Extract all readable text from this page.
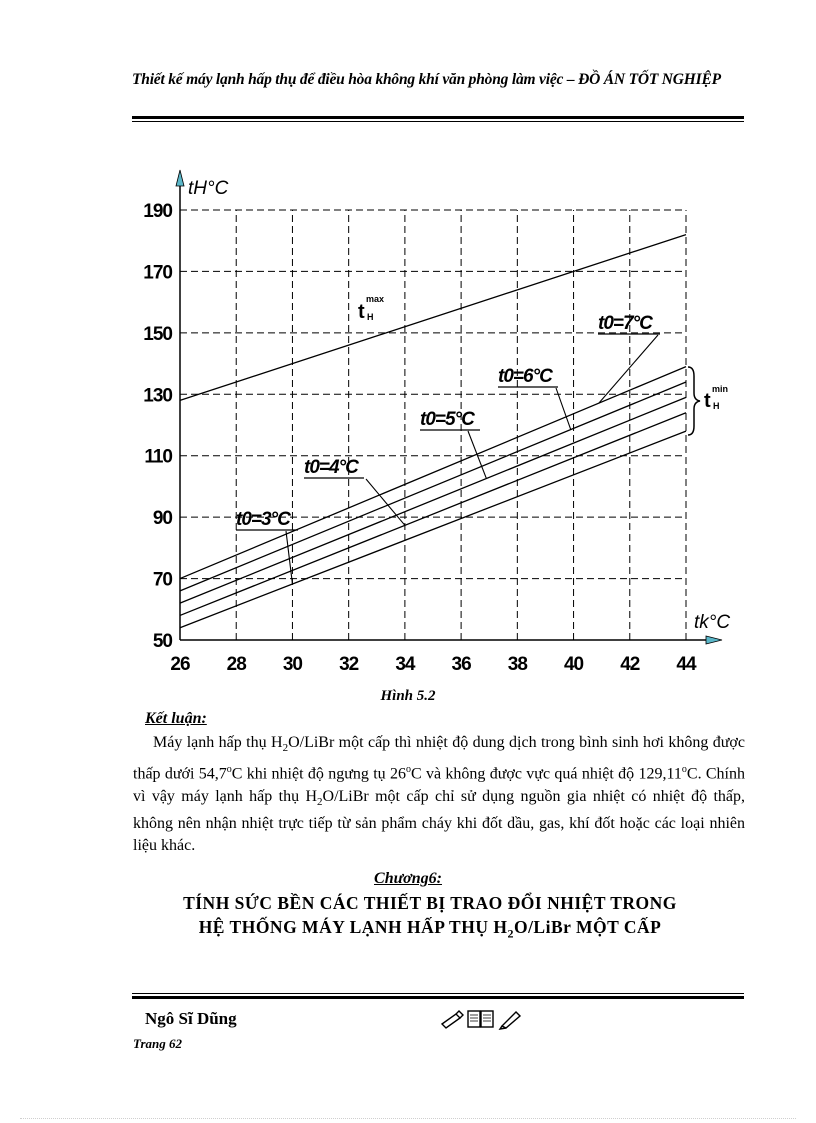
Thiết kế máy lạnh hấp thụ để điều hòa không khí văn phòng làm việc – ĐỒ ÁN TỐT NGHIỆP
50
70
90
110
130
150
170
190
26 28 30 32 34 36 38 40 42 44
tH°C
tk°C
t H
max
t0=7°C
t0=6°C
t0=5°C
t0=4°C
t0=3°C
t H
min
Hình 5.2
Kết luận:
Máy lạnh hấp thụ $H_2O$/LiBr một cấp thì nhiệt độ dung dịch trong bình sinh hơi không được thấp dưới 54,7$^o$C khi nhiệt độ ngưng tụ 26$^o$C và không được vực quá nhiệt độ 129,11$^o$C. Chính vì vậy máy lạnh hấp thụ $H_2O$/LiBr một cấp chỉ sử dụng nguồn gia nhiệt có nhiệt độ thấp, không nên nhận nhiệt trực tiếp từ sản phẩm cháy khi đốt dầu, gas, khí đốt hoặc các loại nhiên liệu khác.
Chương6:
TÍNH SỨC BỀN CÁC THIẾT BỊ TRAO ĐỔI NHIỆT TRONG
HỆ THỐNG MÁY LẠNH HẤP THỤ $H_2O$/LiBr MỘT CẤP
Ngô Sĩ Dũng
Trang 62
